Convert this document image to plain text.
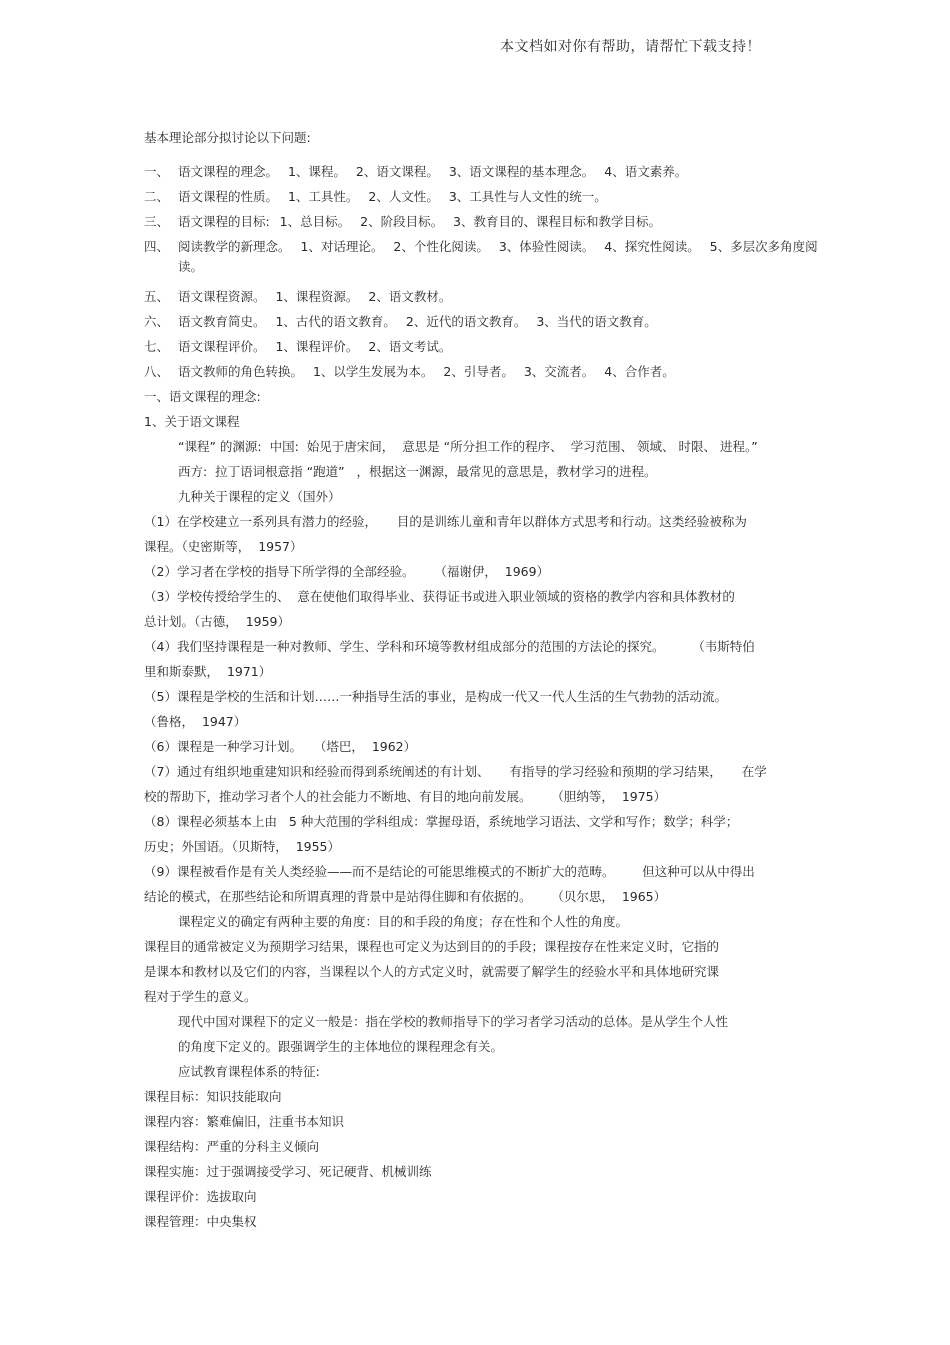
本文档如对你有帮助，请帮忙下载支持！
基本理论部分拟讨论以下问题:
一、 语文课程的理念。 1、课程。 2、语文课程。 3、语文课程的基本理念。 4、语文素养。
二、 语文课程的性质。 1、工具性。 2、人文性。 3、工具性与人文性的统一。
三、 语文课程的目标: 1、总目标。 2、阶段目标。 3、教育目的、课程目标和教学目标。
四、 阅读教学的新理念。 1、对话理论。 2、个性化阅读。 3、体验性阅读。 4、探究性阅读。 5、多层次多角度阅读。
五、 语文课程资源。 1、课程资源。 2、语文教材。
六、 语文教育简史。 1、古代的语文教育。 2、近代的语文教育。 3、当代的语文教育。
七、 语文课程评价。 1、课程评价。 2、语文考试。
八、 语文教师的角色转换。 1、以学生发展为本。 2、引导者。 3、交流者。 4、合作者。
一、语文课程的理念:
1、关于语文课程
“课程” 的渊源:  中国:  始见于唐宋间，  意思是 “所分担工作的程序、  学习范围、 领域、 时限、 进程。”
西方:  拉丁语词根意指 “跑道”   ，根据这一渊源，最常见的意思是，教材学习的进程。
九种关于课程的定义（国外）
（1）在学校建立一系列具有潜力的经验，     目的是训练儿童和青年以群体方式思考和行动。这类经验被称为
课程。（史密斯等，  1957）
（2）学习者在学校的指导下所学得的全部经验。     （福谢伊，  1969）
（3）学校传授给学生的、  意在使他们取得毕业、获得证书或进入职业领域的资格的教学内容和具体教材的
总计划。（古德，  1959）
（4）我们坚持课程是一种对教师、学生、学科和环境等教材组成部分的范围的方法论的探究。       （韦斯特伯
里和斯泰默，  1971）
（5）课程是学校的生活和计划……一种指导生活的事业，是构成一代又一代人生活的生气勃勃的活动流。
（鲁格，  1947）
（6）课程是一种学习计划。   （塔巴，  1962）
（7）通过有组织地重建知识和经验而得到系统阐述的有计划、     有指导的学习经验和预期的学习结果，     在学
校的帮助下，推动学习者个人的社会能力不断地、有目的地向前发展。     （胆纳等，  1975）
（8）课程必须基本上由   5 种大范围的学科组成：掌握母语，系统地学习语法、文学和写作；数学；科学；
历史；外国语。（贝斯特，  1955）
（9）课程被看作是有关人类经验——而不是结论的可能思维模式的不断扩大的范畴。       但这种可以从中得出
结论的模式，在那些结论和所谓真理的背景中是站得住脚和有依据的。     （贝尔思，  1965）
课程定义的确定有两种主要的角度：目的和手段的角度；存在性和个人性的角度。
课程目的通常被定义为预期学习结果，课程也可定义为达到目的的手段；课程按存在性来定义时，它指的
是课本和教材以及它们的内容，当课程以个人的方式定义时，就需要了解学生的经验水平和具体地研究课
程对于学生的意义。
现代中国对课程下的定义一般是：指在学校的教师指导下的学习者学习活动的总体。是从学生个人性
的角度下定义的。跟强调学生的主体地位的课程理念有关。
应试教育课程体系的特征:
课程目标：知识技能取向
课程内容：繁难偏旧，注重书本知识
课程结构：严重的分科主义倾向
课程实施：过于强调接受学习、死记硬背、机械训练
课程评价：选拔取向
课程管理：中央集权
